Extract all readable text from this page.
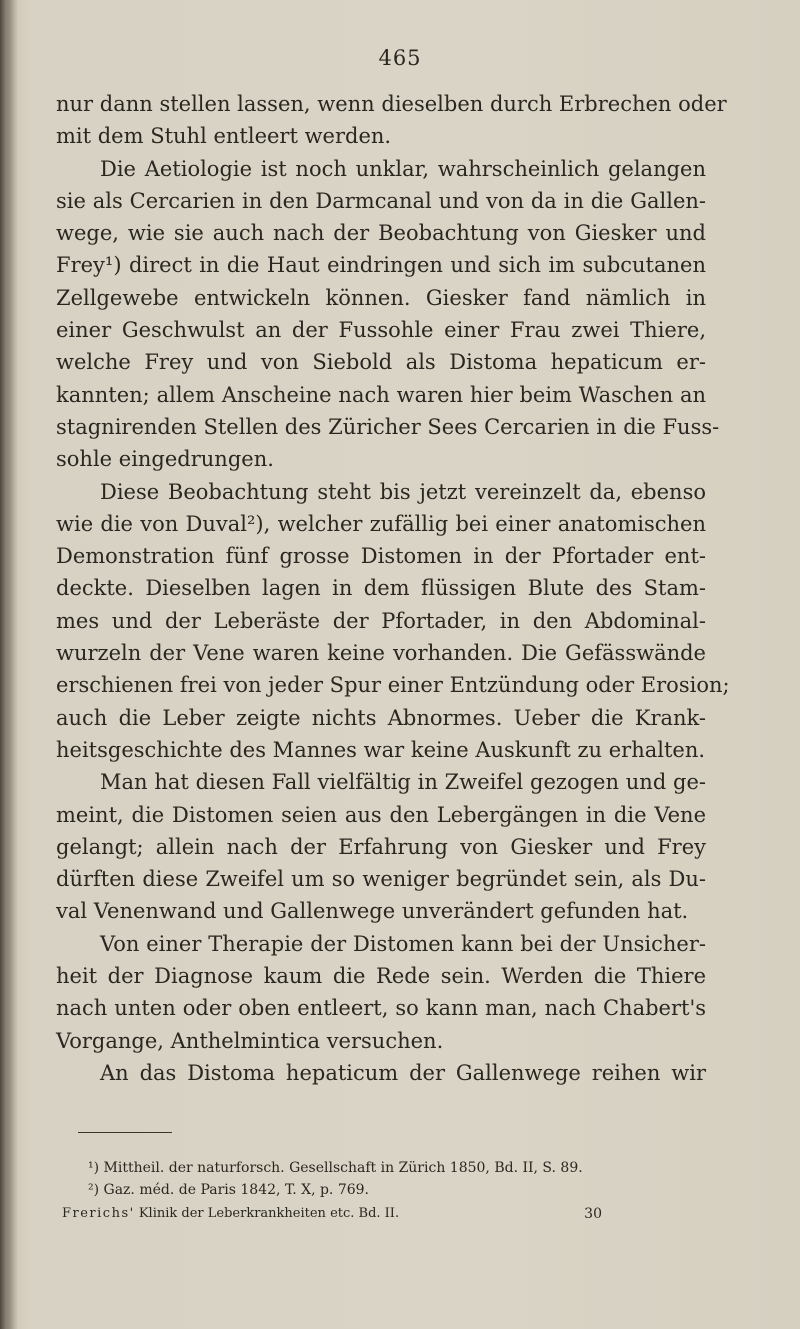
465
nur dann stellen lassen, wenn dieselben durch Erbrechen oder
mit dem Stuhl entleert werden.
Die Aetiologie ist noch unklar, wahrscheinlich gelangen
sie als Cercarien in den Darmcanal und von da in die Gallen-
wege, wie sie auch nach der Beobachtung von Giesker und
Frey¹) direct in die Haut eindringen und sich im subcutanen
Zellgewebe entwickeln können. Giesker fand nämlich in
einer Geschwulst an der Fussohle einer Frau zwei Thiere,
welche Frey und von Siebold als Distoma hepaticum er-
kannten; allem Anscheine nach waren hier beim Waschen an
stagnirenden Stellen des Züricher Sees Cercarien in die Fuss-
sohle eingedrungen.
Diese Beobachtung steht bis jetzt vereinzelt da, ebenso
wie die von Duval²), welcher zufällig bei einer anatomischen
Demonstration fünf grosse Distomen in der Pfortader ent-
deckte. Dieselben lagen in dem flüssigen Blute des Stam-
mes und der Leberäste der Pfortader, in den Abdominal-
wurzeln der Vene waren keine vorhanden. Die Gefässwände
erschienen frei von jeder Spur einer Entzündung oder Erosion;
auch die Leber zeigte nichts Abnormes. Ueber die Krank-
heitsgeschichte des Mannes war keine Auskunft zu erhalten.
Man hat diesen Fall vielfältig in Zweifel gezogen und ge-
meint, die Distomen seien aus den Lebergängen in die Vene
gelangt; allein nach der Erfahrung von Giesker und Frey
dürften diese Zweifel um so weniger begründet sein, als Du-
val Venenwand und Gallenwege unverändert gefunden hat.
Von einer Therapie der Distomen kann bei der Unsicher-
heit der Diagnose kaum die Rede sein. Werden die Thiere
nach unten oder oben entleert, so kann man, nach Chabert's
Vorgange, Anthelmintica versuchen.
An das Distoma hepaticum der Gallenwege reihen wir
¹) Mittheil. der naturforsch. Gesellschaft in Zürich 1850, Bd. II, S. 89.
²) Gaz. méd. de Paris 1842, T. X, p. 769.
Frerichs' Klinik der Leberkrankheiten etc. Bd. II.	30
